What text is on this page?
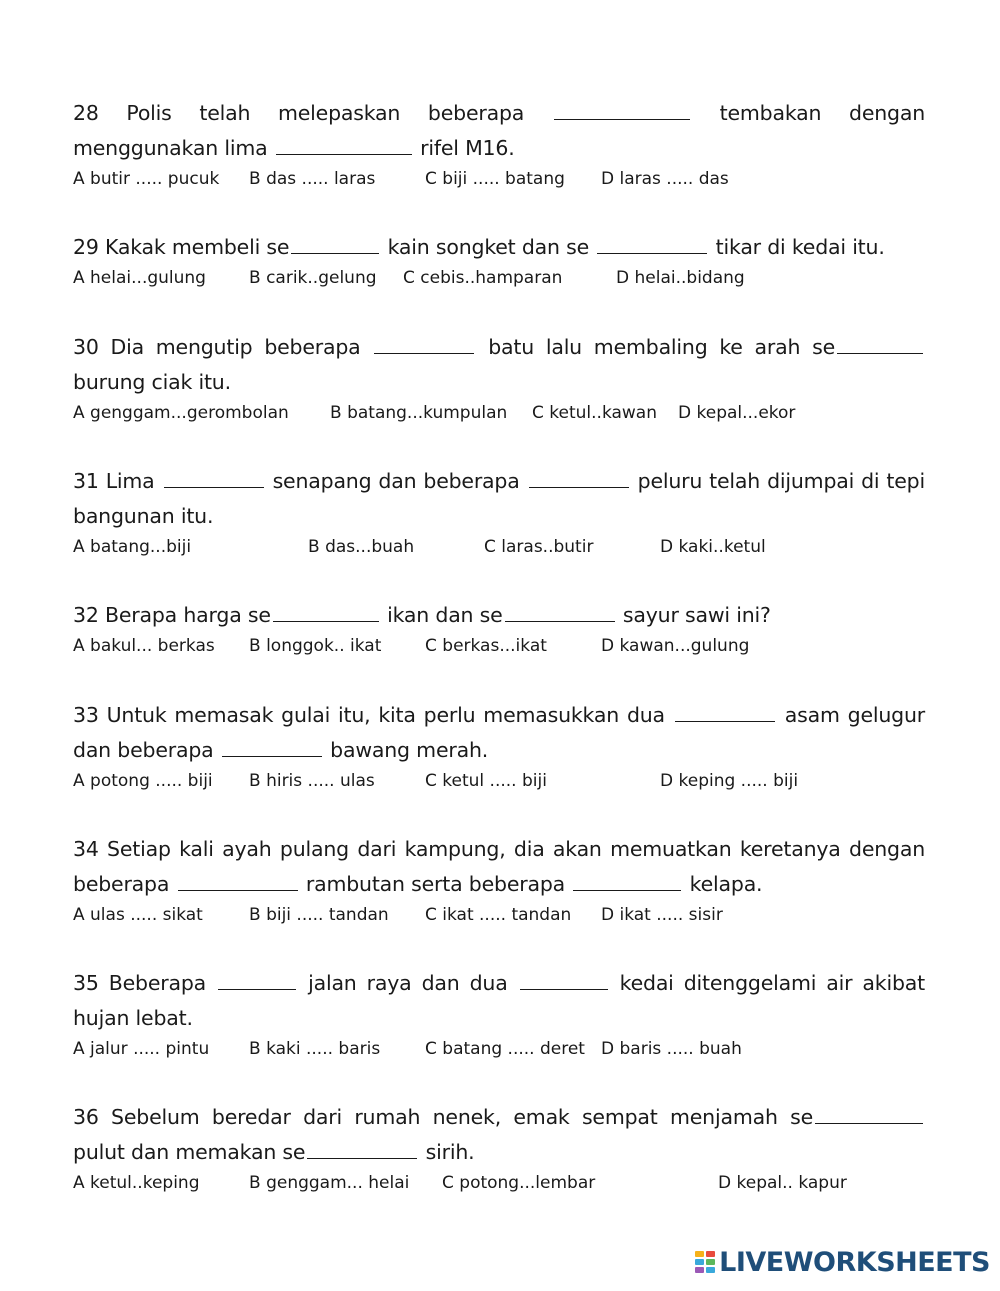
28 Polis telah melepaskan beberapa	tembakan dengan menggunakan lima	rifel M16.
A butir ..... pucuk B das ..... laras	C biji ..... batang D laras ..... das
29 Kakak membeli se	kain songket dan se	tikar di kedai itu.
A helai...gulung	B carik..gelung C cebis..hamparan	D helai..bidang
30 Dia mengutip beberapa	batu lalu membaling ke arah se burung ciak itu.
A genggam...gerombolan B batang...kumpulan C ketul..kawan D kepal...ekor
31 Lima	senapang dan beberapa	peluru telah dijumpai di tepi bangunan itu.
A batang...biji	B das...buah	C laras..butir	D kaki..ketul
32 Berapa harga se	ikan dan se	sayur sawi ini?
A bakul... berkas B longgok.. ikat	C berkas...ikat	D kawan...gulung
33 Untuk memasak gulai itu, kita perlu memasukkan dua	asam gelugur dan beberapa	bawang merah.
A potong ..... biji B hiris ..... ulas	C ketul ..... biji	D keping ..... biji
34 Setiap kali ayah pulang dari kampung, dia akan memuatkan keretanya dengan beberapa	rambutan serta beberapa	kelapa.
A ulas ..... sikat	B biji ..... tandan C ikat ..... tandan D ikat ..... sisir
35 Beberapa	jalan raya dan dua	kedai ditenggelami air akibat hujan lebat.
A jalur ..... pintu B kaki ..... baris	C batang ..... deret D baris ..... buah
36 Sebelum beredar dari rumah nenek, emak sempat menjamah se pulut dan memakan se	sirih.
A ketul..keping	B genggam... helai C potong...lembar	D kepal.. kapur
LIVEWORKSHEETS
